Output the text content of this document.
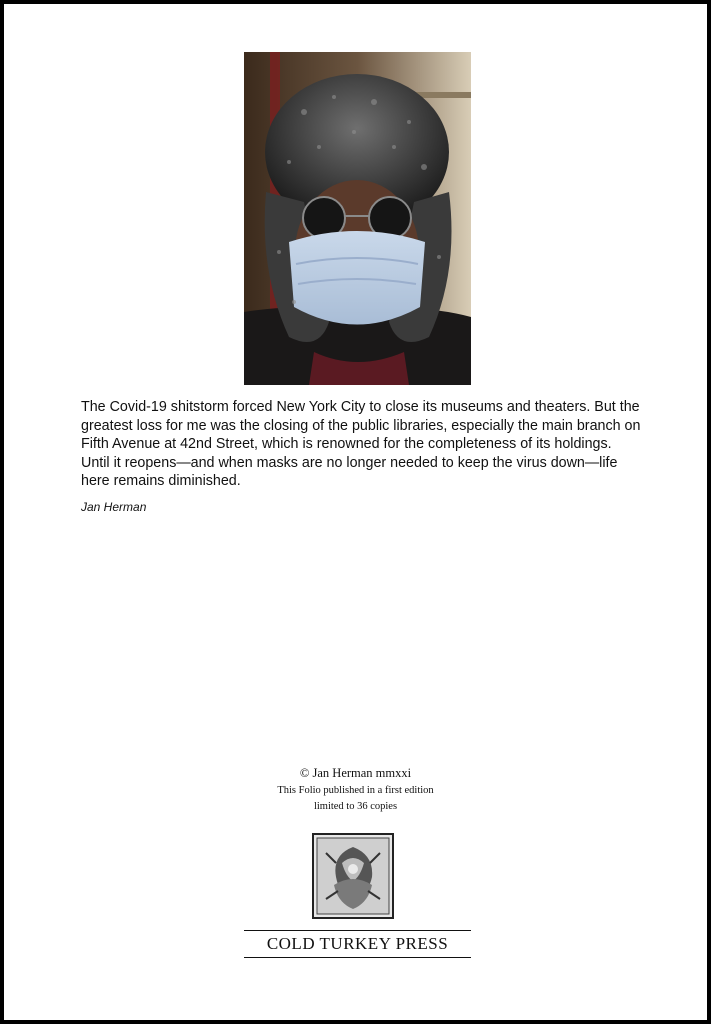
The Covid-19 shitstorm forced New York City to close its museums and theaters. But the greatest loss for me was the closing of the public libraries, especially the main branch on Fifth Avenue at 42nd Street, which is renowned for the completeness of its holdings. Until it reopens—and when masks are no longer needed to keep the virus down—life here remains diminished.

Jan Herman
© Jan Herman mmxxi
This Folio published in a first edition
limited to 36 copies
COLD TURKEY PRESS
